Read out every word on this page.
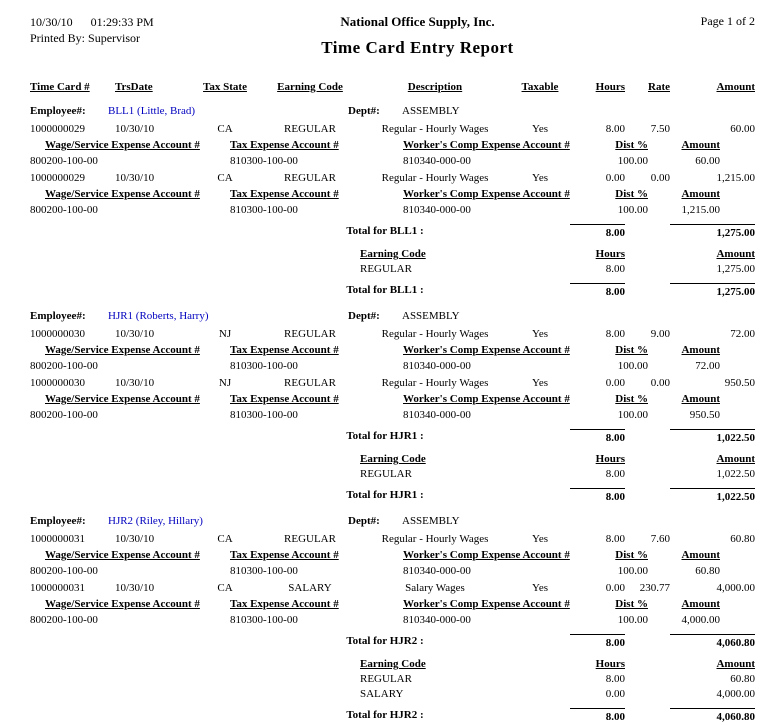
10/30/10 01:29:33 PM
Printed By: Supervisor
National Office Supply, Inc.
Time Card Entry Report
Page 1 of 2
Time Card #	TrsDate	Tax State	Earning Code	Description	Taxable	Hours	Rate	Amount
Employee#:	BLL1 (Little, Brad)	Dept#:	ASSEMBLY
1000000029	10/30/10	CA	REGULAR	Regular - Hourly Wages	Yes	8.00	7.50	60.00
Wage/Service Expense Account #	Tax Expense Account #	Worker's Comp Expense Account #	Dist %	Amount
800200-100-00	810300-100-00	810340-000-00	100.00	60.00
1000000029	10/30/10	CA	REGULAR	Regular - Hourly Wages	Yes	0.00	0.00	1,215.00
Wage/Service Expense Account #	Tax Expense Account #	Worker's Comp Expense Account #	Dist %	Amount
800200-100-00	810300-100-00	810340-000-00	100.00	1,215.00
Total for BLL1 :	8.00	1,275.00
Earning Code	Hours	Amount
REGULAR	8.00	1,275.00
Total for BLL1 :	8.00	1,275.00
Employee#:	HJR1 (Roberts, Harry)	Dept#:	ASSEMBLY
1000000030	10/30/10	NJ	REGULAR	Regular - Hourly Wages	Yes	8.00	9.00	72.00
Wage/Service Expense Account #	Tax Expense Account #	Worker's Comp Expense Account #	Dist %	Amount
800200-100-00	810300-100-00	810340-000-00	100.00	72.00
1000000030	10/30/10	NJ	REGULAR	Regular - Hourly Wages	Yes	0.00	0.00	950.50
Wage/Service Expense Account #	Tax Expense Account #	Worker's Comp Expense Account #	Dist %	Amount
800200-100-00	810300-100-00	810340-000-00	100.00	950.50
Total for HJR1 :	8.00	1,022.50
Earning Code	Hours	Amount
REGULAR	8.00	1,022.50
Total for HJR1 :	8.00	1,022.50
Employee#:	HJR2 (Riley, Hillary)	Dept#:	ASSEMBLY
1000000031	10/30/10	CA	REGULAR	Regular - Hourly Wages	Yes	8.00	7.60	60.80
Wage/Service Expense Account #	Tax Expense Account #	Worker's Comp Expense Account #	Dist %	Amount
800200-100-00	810300-100-00	810340-000-00	100.00	60.80
1000000031	10/30/10	CA	SALARY	Salary Wages	Yes	0.00	230.77	4,000.00
Wage/Service Expense Account #	Tax Expense Account #	Worker's Comp Expense Account #	Dist %	Amount
800200-100-00	810300-100-00	810340-000-00	100.00	4,000.00
Total for HJR2 :	8.00	4,060.80
Earning Code	Hours	Amount
REGULAR	8.00	60.80
SALARY	0.00	4,000.00
Total for HJR2 :	8.00	4,060.80
